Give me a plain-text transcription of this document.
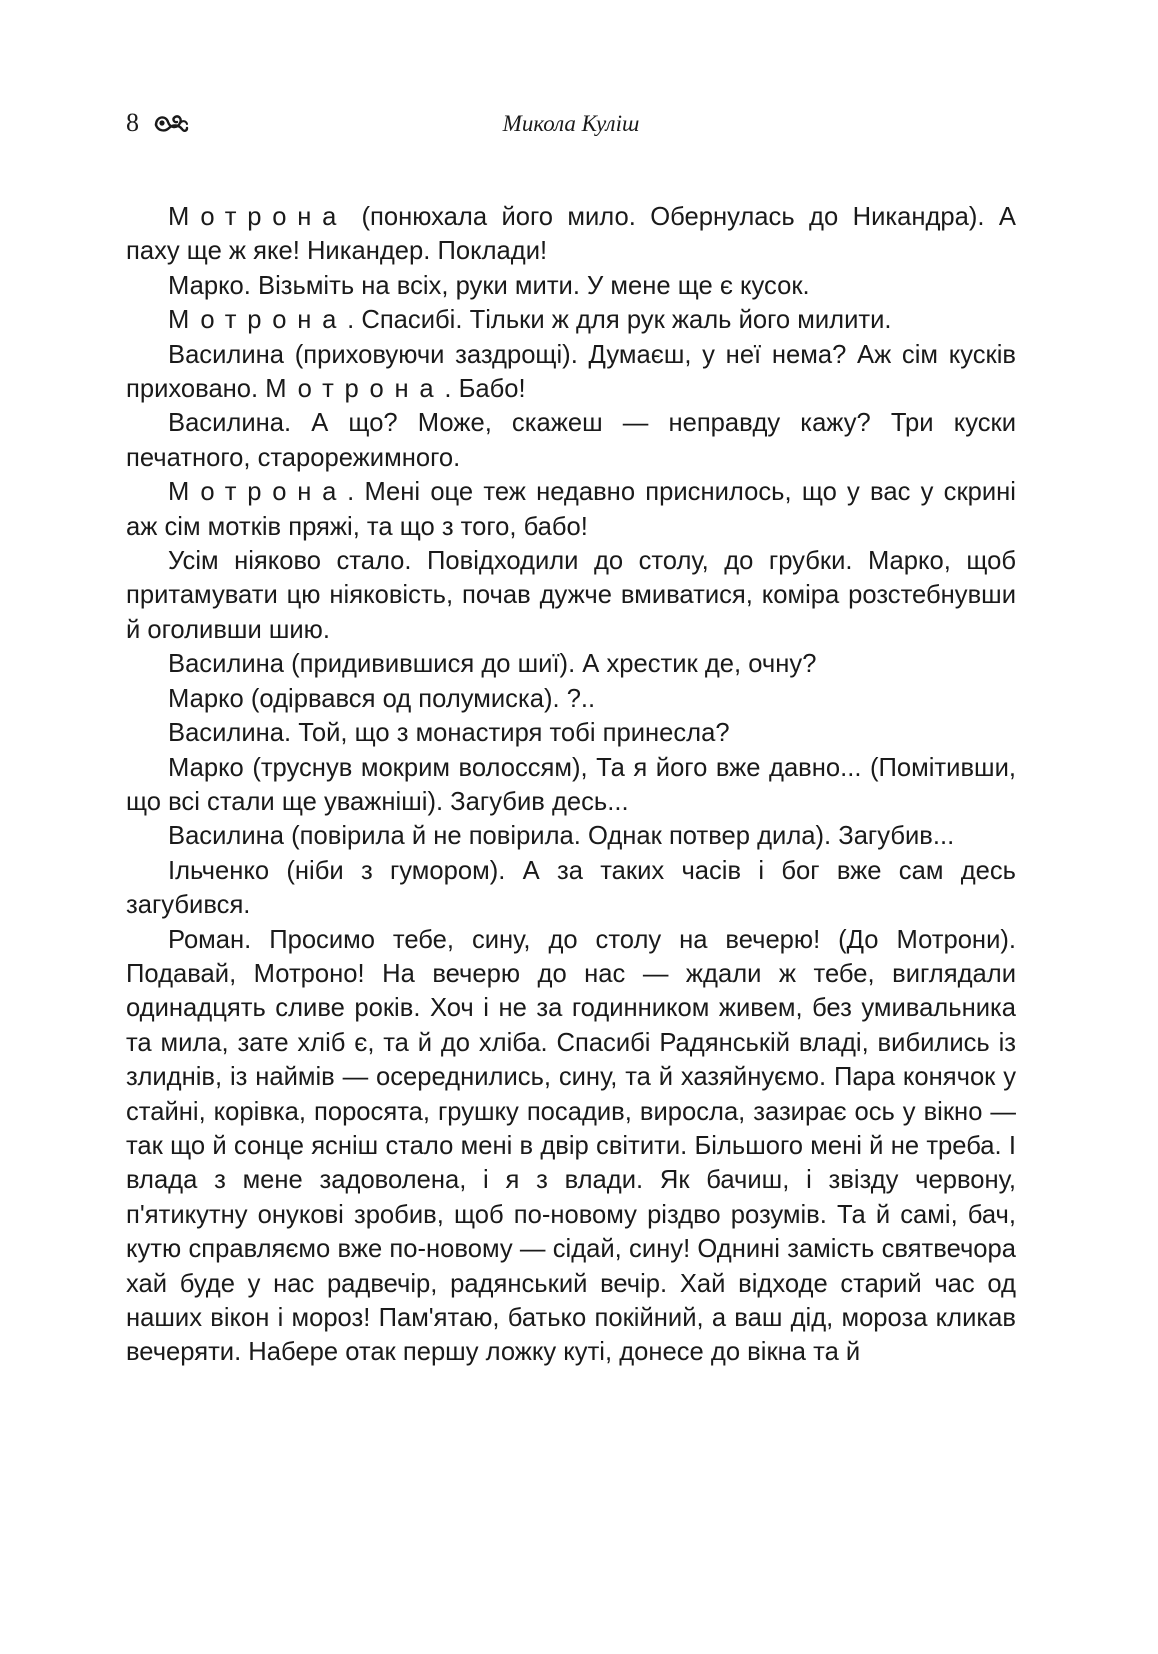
8	Микола Куліш

Мотрона (понюхала його мило. Обернулась до Никандра). А паху ще ж яке! Никандер. Поклади!

Марко. Візьміть на всіх, руки мити. У мене ще є кусок.

Мотрона. Спасибі. Тільки ж для рук жаль його милити.

Василина (приховуючи заздрощі). Думаєш, у неї нема? Аж сім кусків приховано. Мотрона. Бабо!

Василина. А що? Може, скажеш — неправду кажу? Три куски печатного, старорежимного.

Мотрона. Мені оце теж недавно приснилось, що у вас у скрині аж сім мотків пряжі, та що з того, бабо!

Усім ніяково стало. Повідходили до столу, до грубки. Марко, щоб притамувати цю ніяковість, почав дужче вмиватися, коміра розстебнувши й оголивши шию.

Василина (придивившися до шиї). А хрестик де, очну?

Марко (одірвався од полумиска). ?..

Василина. Той, що з монастиря тобі принесла?

Марко (труснув мокрим волоссям), Та я його вже давно... (Помітивши, що всі стали ще уважніші). Загубив десь...

Василина (повірила й не повірила. Однак потвер дила). Загубив...

Ільченко (ніби з гумором). А за таких часів і бог вже сам десь загубився.

Роман. Просимо тебе, сину, до столу на вечерю! (До Мотрони). Подавай, Мотроно! На вечерю до нас — ждали ж тебе, виглядали одинадцять сливе років. Хоч і не за годинником живем, без умивальника та мила, зате хліб є, та й до хліба. Спасибі Радянській владі, вибились із злиднів, із наймів — осереднились, сину, та й хазяйнуємо. Пара конячок у стайні, корівка, поросята, грушку посадив, виросла, зазирає ось у вікно — так що й сонце ясніш стало мені в двір світити. Більшого мені й не треба. І влада з мене задоволена, і я з влади. Як бачиш, і звізду червону, п'ятикутну онукові зробив, щоб по-новому різдво розумів. Та й самі, бач, кутю справляємо вже по-новому — сідай, сину! Однині замість святвечора хай буде у нас радвечір, радянський вечір. Хай відходе старий час од наших вікон і мороз! Пам'ятаю, батько покійний, а ваш дід, мороза кликав вечеряти. Набере отак першу ложку куті, донесе до вікна та й
